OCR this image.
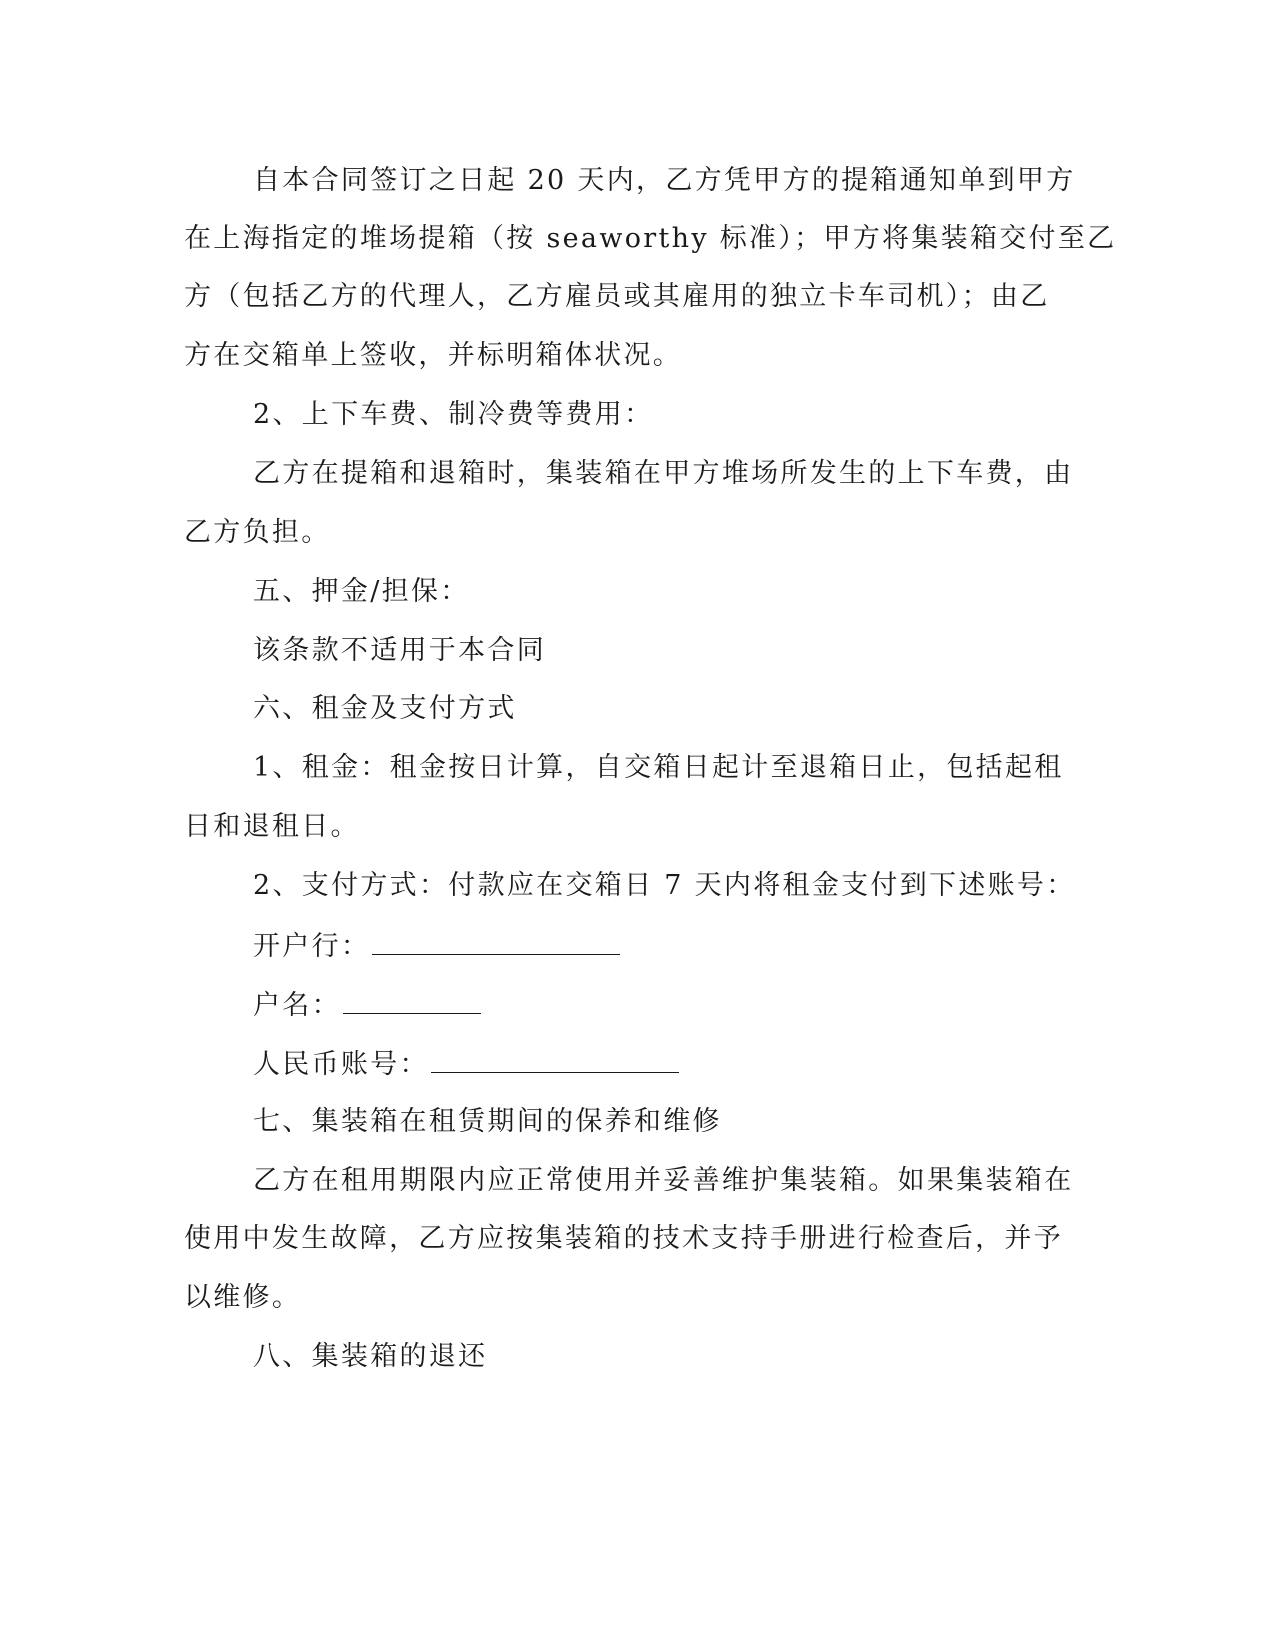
自本合同签订之日起 20 天内，乙方凭甲方的提箱通知单到甲方
在上海指定的堆场提箱（按 seaworthy 标准）；甲方将集装箱交付至乙
方（包括乙方的代理人，乙方雇员或其雇用的独立卡车司机）；由乙
方在交箱单上签收，并标明箱体状况。
2、上下车费、制冷费等费用：
乙方在提箱和退箱时，集装箱在甲方堆场所发生的上下车费，由
乙方负担。
五、押金/担保：
该条款不适用于本合同
六、租金及支付方式
1、租金：租金按日计算，自交箱日起计至退箱日止，包括起租
日和退租日。
2、支付方式：付款应在交箱日 7 天内将租金支付到下述账号：
开户行：
户名：
人民币账号：
七、集装箱在租赁期间的保养和维修
乙方在租用期限内应正常使用并妥善维护集装箱。如果集装箱在
使用中发生故障，乙方应按集装箱的技术支持手册进行检查后，并予
以维修。
八、集装箱的退还
